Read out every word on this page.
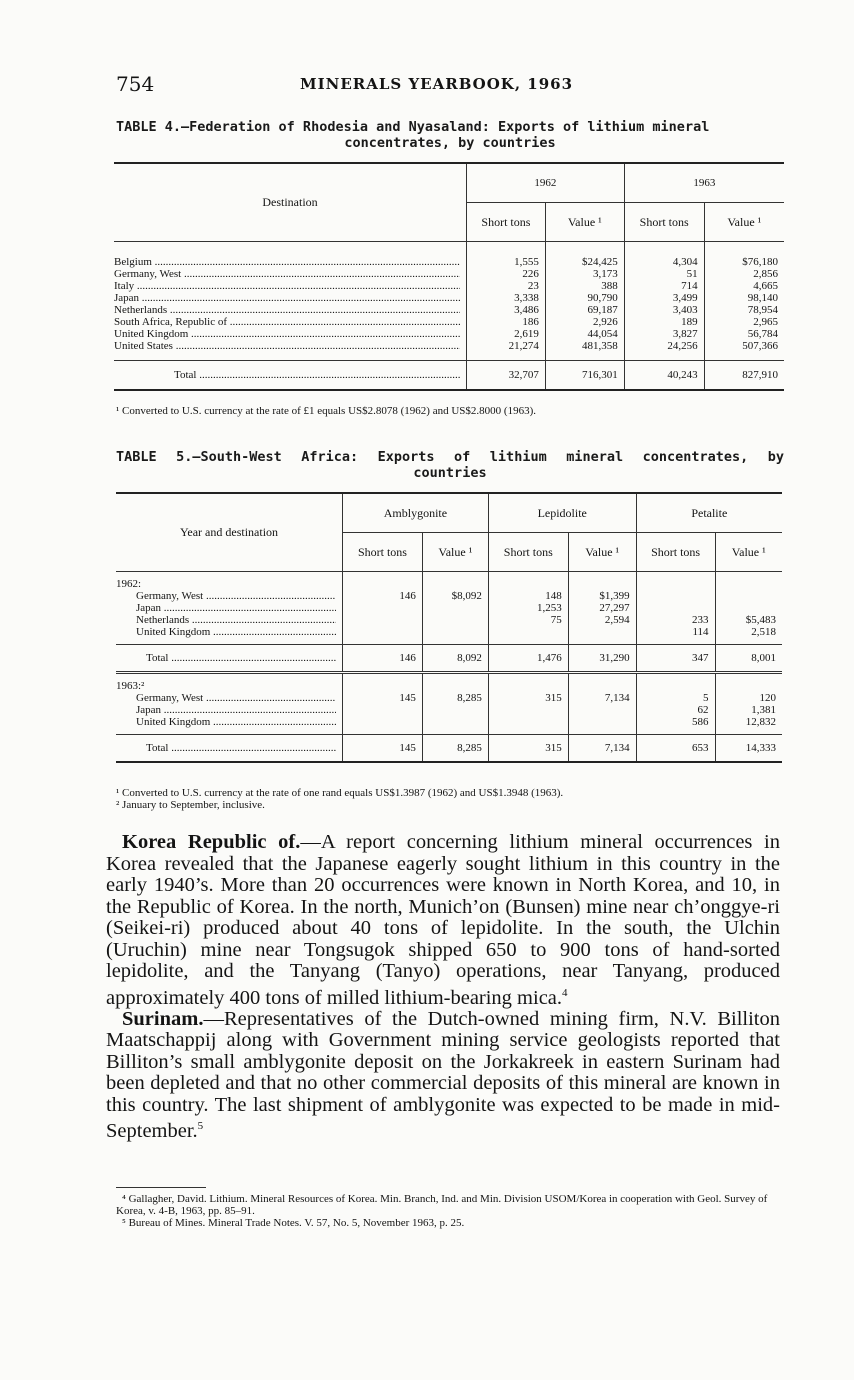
754	MINERALS YEARBOOK, 1963
TABLE 4.—Federation of Rhodesia and Nyasaland: Exports of lithium mineral
concentrates, by countries
Destination	1962		1963	
	Short tons	Value ¹	Short tons	Value ¹

Belgium .....	1,555	$24,425	4,304	$76,180

Germany, West .....	226	3,173	51	2,856

Italy .....	23	388	714	4,665

Japan .....	3,338	90,790	3,499	98,140

Netherlands .....	3,486	69,187	3,403	78,954

South Africa, Republic of .....	186	2,926	189	2,965

United Kingdom .....	2,619	44,054	3,827	56,784

United States .....	21,274	481,358	24,256	507,366

Total .....	32,707	716,301	40,243	827,910

¹ Converted to U.S. currency at the rate of £1 equals US$2.8078 (1962) and US$2.8000 (1963).
TABLE 5.—South-West Africa: Exports of lithium mineral concentrates, by
countries
Year and destination	Amblygonite		Lepidolite		Petalite	
	Short tons	Value ¹	Short tons	Value ¹	Short tons	Value ¹
1962:						

Germany, West .....	146	$8,092	148	$1,399		

Japan .....			1,253	27,297		

Netherlands .....			75	2,594	233	$5,483

United Kingdom .....					114	2,518

Total .....	146	8,092	1,476	31,290	347	8,001
1963:²						

Germany, West .....	145	8,285	315	7,134	5	120

Japan .....					62	1,381

United Kingdom .....					586	12,832

Total .....	145	8,285	315	7,134	653	14,333

¹ Converted to U.S. currency at the rate of one rand equals US$1.3987 (1962) and US$1.3948 (1963).
² January to September, inclusive.

Korea Republic of.—A report concerning lithium mineral occurrences in Korea revealed that the Japanese eagerly sought lithium in this country in the early 1940’s. More than 20 occurrences were known in North Korea, and 10, in the Republic of Korea. In the north, Munich’on (Bunsen) mine near ch’onggye-ri (Seikei-ri) produced about 40 tons of lepidolite. In the south, the Ulchin (Uruchin) mine near Tongsugok shipped 650 to 900 tons of hand-sorted lepidolite, and the Tanyang (Tanyo) operations, near Tanyang, produced approximately 400 tons of milled lithium-bearing mica.$^4$

Surinam.—Representatives of the Dutch-owned mining firm, N.V. Billiton Maatschappij along with Government mining service geologists reported that Billiton’s small amblygonite deposit on the Jorkakreek in eastern Surinam had been depleted and that no other commercial deposits of this mineral are known in this country. The last shipment of amblygonite was expected to be made in mid-September.$^5$

⁴ Gallagher, David. Lithium. Mineral Resources of Korea. Min. Branch, Ind. and Min. Division USOM/Korea in cooperation with Geol. Survey of Korea, v. 4-B, 1963, pp. 85–91.
⁵ Bureau of Mines. Mineral Trade Notes. V. 57, No. 5, November 1963, p. 25.
